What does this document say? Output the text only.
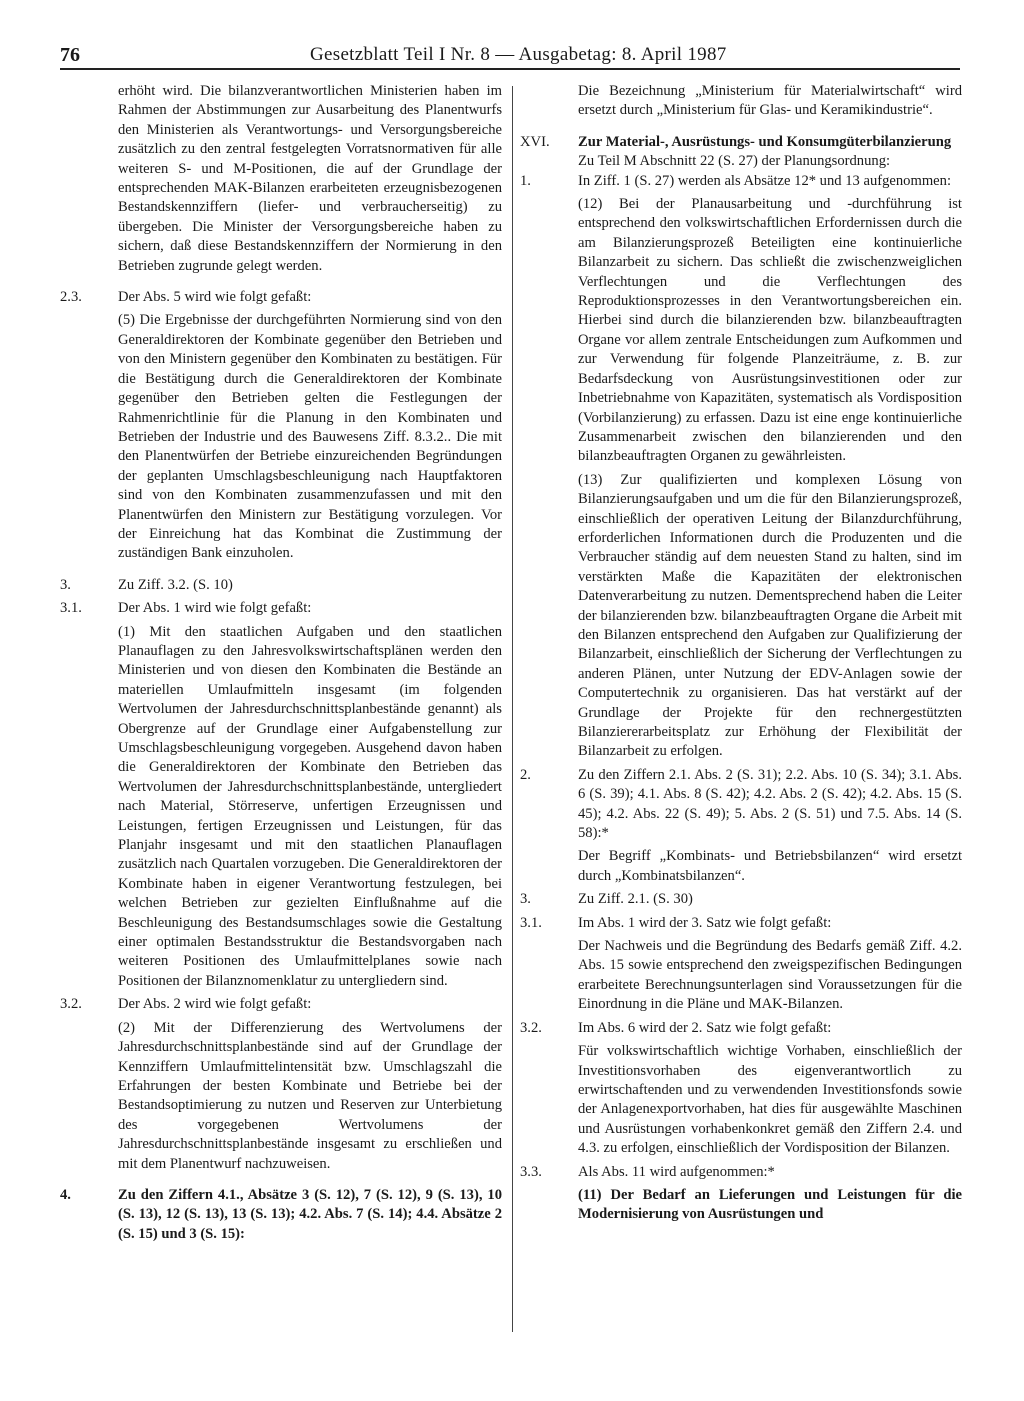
76	Gesetzblatt Teil I Nr. 8 — Ausgabetag: 8. April 1987

erhöht wird. Die bilanzverantwortlichen Ministerien haben im Rahmen der Abstimmungen zur Ausarbeitung des Planentwurfs den Ministerien als Verantwortungs- und Versorgungsbereiche zusätzlich zu den zentral festgelegten Vorratsnormativen für alle weiteren S- und M-Positionen, die auf der Grundlage der entsprechenden MAK-Bilanzen erarbeiteten erzeugnisbezogenen Bestandskennziffern (liefer- und verbraucherseitig) zu übergeben. Die Minister der Versorgungsbereiche haben zu sichern, daß diese Bestandskennziffern der Normierung in den Betrieben zugrunde gelegt werden.

2.3. Der Abs. 5 wird wie folgt gefaßt:

(5) Die Ergebnisse der durchgeführten Normierung sind von den Generaldirektoren der Kombinate gegenüber den Betrieben und von den Ministern gegenüber den Kombinaten zu bestätigen. Für die Bestätigung durch die Generaldirektoren der Kombinate gegenüber den Betrieben gelten die Festlegungen der Rahmenrichtlinie für die Planung in den Kombinaten und Betrieben der Industrie und des Bauwesens Ziff. 8.3.2.. Die mit den Planentwürfen der Betriebe einzureichenden Begründungen der geplanten Umschlagsbeschleunigung nach Hauptfaktoren sind von den Kombinaten zusammenzufassen und mit den Planentwürfen den Ministern zur Bestätigung vorzulegen. Vor der Einreichung hat das Kombinat die Zustimmung der zuständigen Bank einzuholen.

3.	Zu Ziff. 3.2. (S. 10)

3.1. Der Abs. 1 wird wie folgt gefaßt:

(1) Mit den staatlichen Aufgaben und den staatlichen Planauflagen zu den Jahresvolkswirtschaftsplänen werden den Ministerien und von diesen den Kombinaten die Bestände an materiellen Umlaufmitteln insgesamt (im folgenden Wertvolumen der Jahresdurchschnittsplanbestände genannt) als Obergrenze auf der Grundlage einer Aufgabenstellung zur Umschlagsbeschleunigung vorgegeben. Ausgehend davon haben die Generaldirektoren der Kombinate den Betrieben das Wertvolumen der Jahresdurchschnittsplanbestände, untergliedert nach Material, Störreserve, unfertigen Erzeugnissen und Leistungen, fertigen Erzeugnissen und Leistungen, für das Planjahr insgesamt und mit den staatlichen Planauflagen zusätzlich nach Quartalen vorzugeben. Die Generaldirektoren der Kombinate haben in eigener Verantwortung festzulegen, bei welchen Betrieben zur gezielten Einflußnahme auf die Beschleunigung des Bestandsumschlages sowie die Gestaltung einer optimalen Bestandsstruktur die Bestandsvorgaben nach weiteren Positionen des Umlaufmittelplanes sowie nach Positionen der Bilanznomenklatur zu untergliedern sind.

3.2. Der Abs. 2 wird wie folgt gefaßt:

(2) Mit der Differenzierung des Wertvolumens der Jahresdurchschnittsplanbestände sind auf der Grundlage der Kennziffern Umlaufmittelintensität bzw. Umschlagszahl die Erfahrungen der besten Kombinate und Betriebe bei der Bestandsoptimierung zu nutzen und Reserven zur Unterbietung des vorgegebenen Wertvolumens der Jahresdurchschnittsplanbestände insgesamt zu erschließen und mit dem Planentwurf nachzuweisen.

4.	Zu den Ziffern 4.1., Absätze 3 (S. 12), 7 (S. 12), 9 (S. 13), 10 (S. 13), 12 (S. 13), 13 (S. 13); 4.2. Abs. 7 (S. 14); 4.4. Absätze 2 (S. 15) und 3 (S. 15):

Die Bezeichnung „Ministerium für Materialwirtschaft“ wird ersetzt durch „Ministerium für Glas- und Keramikindustrie“.

XVI. Zur Material-, Ausrüstungs- und Konsumgüterbilanzierung

Zu Teil M Abschnitt 22 (S. 27) der Planungsordnung:

1.	In Ziff. 1 (S. 27) werden als Absätze 12* und 13 aufgenommen:

(12) Bei der Planausarbeitung und -durchführung ist entsprechend den volkswirtschaftlichen Erfordernissen durch die am Bilanzierungsprozeß Beteiligten eine kontinuierliche Bilanzarbeit zu sichern. Das schließt die zwischenzweiglichen Verflechtungen und die Verflechtungen des Reproduktionsprozesses in den Verantwortungsbereichen ein. Hierbei sind durch die bilanzierenden bzw. bilanzbeauftragten Organe vor allem zentrale Entscheidungen zum Aufkommen und zur Verwendung für folgende Planzeiträume, z. B. zur Bedarfsdeckung von Ausrüstungsinvestitionen oder zur Inbetriebnahme von Kapazitäten, systematisch als Vordisposition (Vorbilanzierung) zu erfassen. Dazu ist eine enge kontinuierliche Zusammenarbeit zwischen den bilanzierenden und den bilanzbeauftragten Organen zu gewährleisten.

(13) Zur qualifizierten und komplexen Lösung von Bilanzierungsaufgaben und um die für den Bilanzierungsprozeß, einschließlich der operativen Leitung der Bilanzdurchführung, erforderlichen Informationen durch die Produzenten und die Verbraucher ständig auf dem neuesten Stand zu halten, sind im verstärkten Maße die Kapazitäten der elektronischen Datenverarbeitung zu nutzen. Dementsprechend haben die Leiter der bilanzierenden bzw. bilanzbeauftragten Organe die Arbeit mit den Bilanzen entsprechend den Aufgaben zur Qualifizierung der Bilanzarbeit, einschließlich der Sicherung der Verflechtungen zu anderen Plänen, unter Nutzung der EDV-Anlagen sowie der Computertechnik zu organisieren. Das hat verstärkt auf der Grundlage der Projekte für den rechnergestützten Bilanziererarbeitsplatz zur Erhöhung der Flexibilität der Bilanzarbeit zu erfolgen.

2.	Zu den Ziffern 2.1. Abs. 2 (S. 31); 2.2. Abs. 10 (S. 34); 3.1. Abs. 6 (S. 39); 4.1. Abs. 8 (S. 42); 4.2. Abs. 2 (S. 42); 4.2. Abs. 15 (S. 45); 4.2. Abs. 22 (S. 49); 5. Abs. 2 (S. 51) und 7.5. Abs. 14 (S. 58):*

Der Begriff „Kombinats- und Betriebsbilanzen“ wird ersetzt durch „Kombinatsbilanzen“.

3.	Zu Ziff. 2.1. (S. 30)

3.1. Im Abs. 1 wird der 3. Satz wie folgt gefaßt:

Der Nachweis und die Begründung des Bedarfs gemäß Ziff. 4.2. Abs. 15 sowie entsprechend den zweigspezifischen Bedingungen erarbeitete Berechnungsunterlagen sind Voraussetzungen für die Einordnung in die Pläne und MAK-Bilanzen.

3.2. Im Abs. 6 wird der 2. Satz wie folgt gefaßt:

Für volkswirtschaftlich wichtige Vorhaben, einschließlich der Investitionsvorhaben des eigenverantwortlich zu erwirtschaftenden und zu verwendenden Investitionsfonds sowie der Anlagenexportvorhaben, hat dies für ausgewählte Maschinen und Ausrüstungen vorhabenkonkret gemäß den Ziffern 2.4. und 4.3. zu erfolgen, einschließlich der Vordisposition der Bilanzen.

3.3. Als Abs. 11 wird aufgenommen:*

(11) Der Bedarf an Lieferungen und Leistungen für die Modernisierung von Ausrüstungen und
